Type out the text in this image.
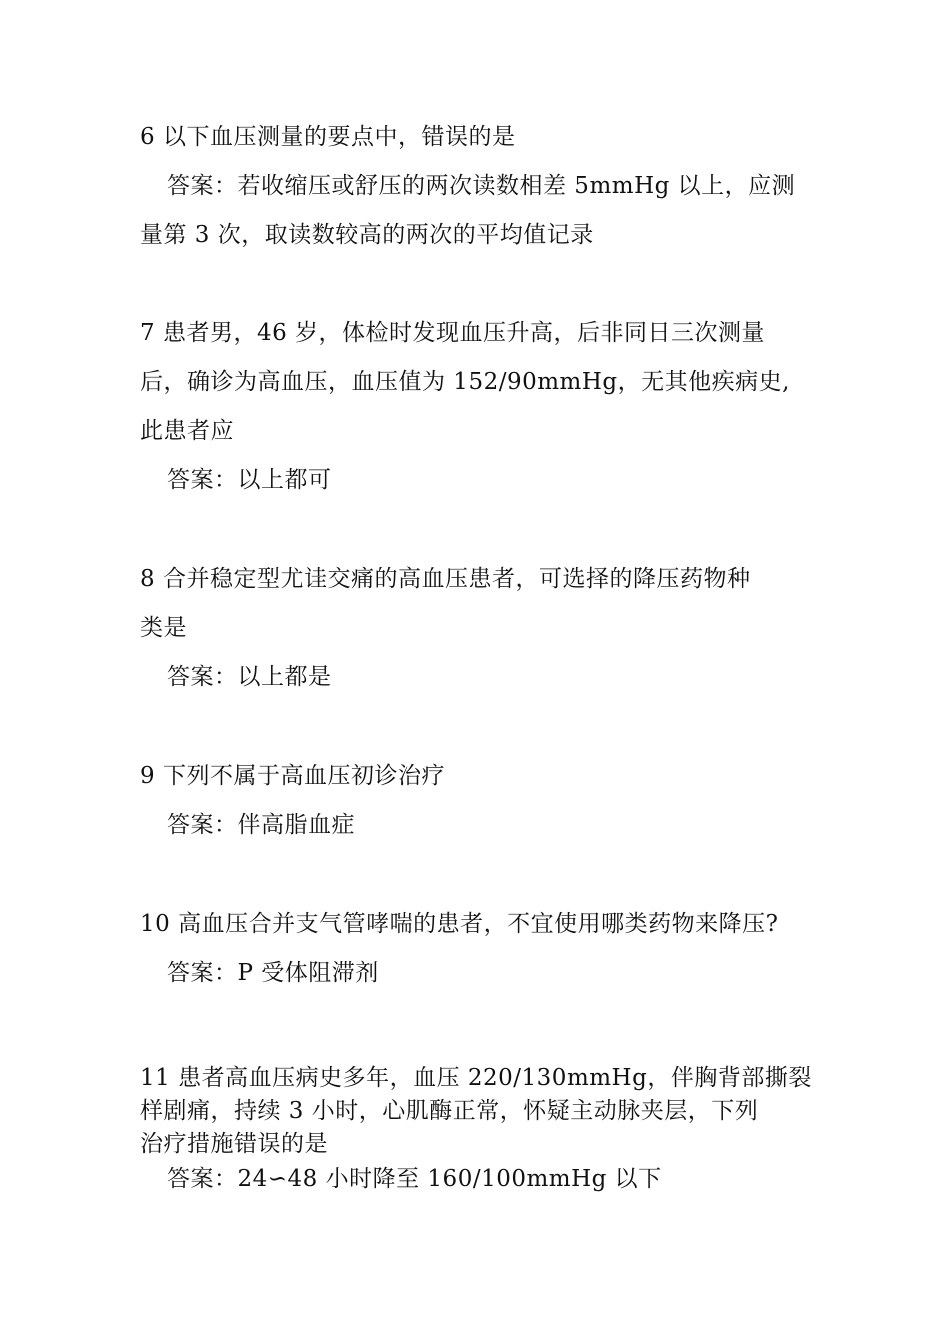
6 以下血压测量的要点中，错误的是
答案：若收缩压或舒压的两次读数相差 5mmHg 以上，应测
量第 3 次，取读数较高的两次的平均值记录
7 患者男，46 岁，体检时发现血压升高，后非同日三次测量
后，确诊为高血压，血压值为 152/90mmHg，无其他疾病史,
此患者应
答案：以上都可
8 合并稳定型尤诖交痛的高血压患者，可选择的降压药物种
类是
答案：以上都是
9 下列不属于高血压初诊治疗
答案：伴高脂血症
10 高血压合并支气管哮喘的患者，不宜使用哪类药物来降压?
答案：P 受体阻滞剂
11 患者高血压病史多年，血压 220/130mmHg，伴胸背部撕裂
样剧痛，持续 3 小时，心肌酶正常，怀疑主动脉夹层，下列
治疗措施错误的是
答案：24∽48 小时降至 160/100mmHg 以下
